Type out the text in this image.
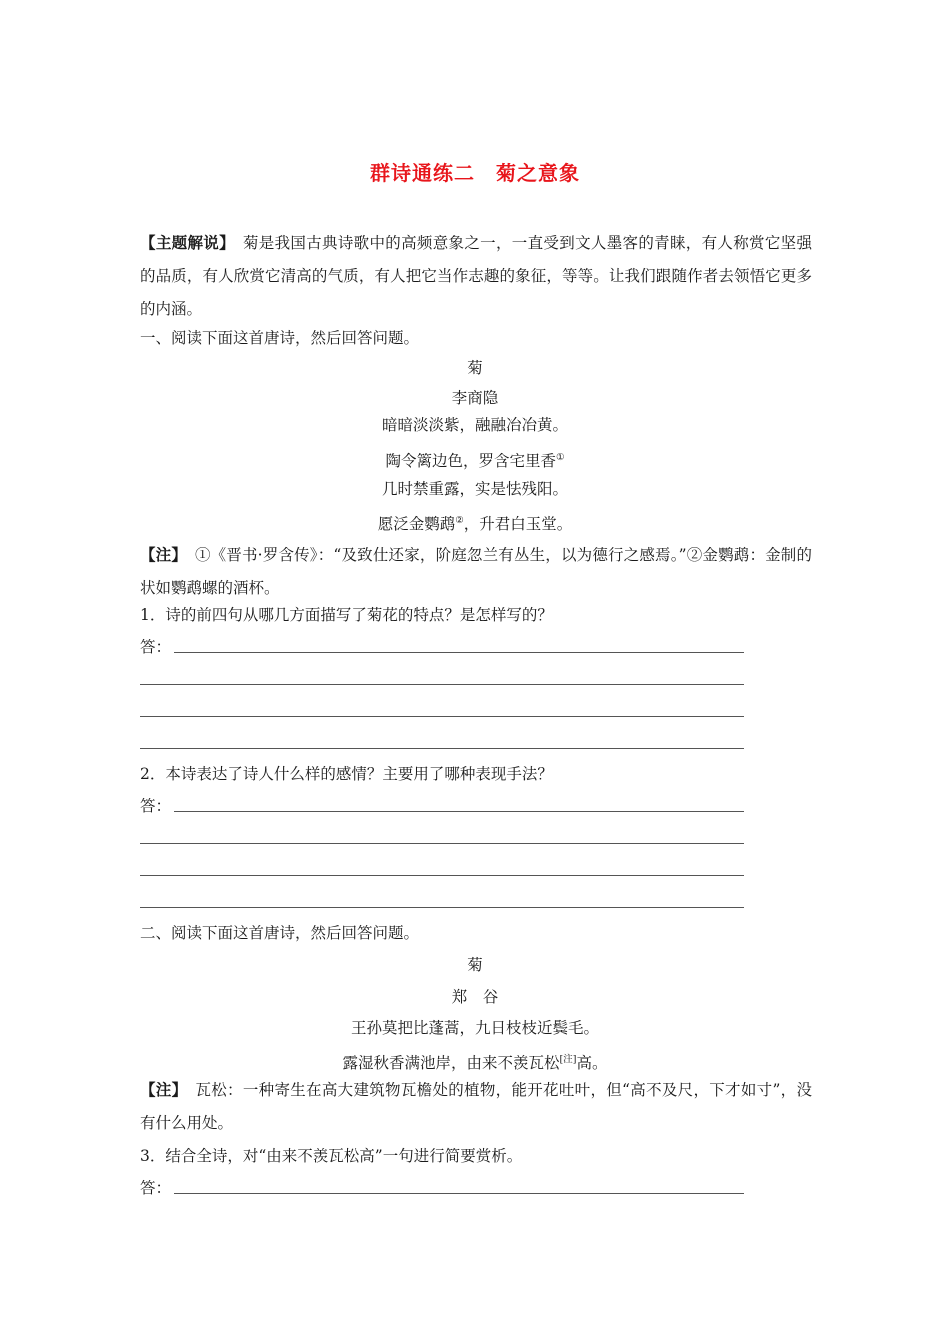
群诗通练二　菊之意象
【主题解说】　菊是我国古典诗歌中的高频意象之一，一直受到文人墨客的青睐，有人称赏它坚强的品质，有人欣赏它清高的气质，有人把它当作志趣的象征，等等。让我们跟随作者去领悟它更多的内涵。
一、阅读下面这首唐诗，然后回答问题。
菊
李商隐
暗暗淡淡紫，融融冶冶黄。
陶令篱边色，罗含宅里香①
几时禁重露，实是怯残阳。
愿泛金鹦鹉②，升君白玉堂。
【注】　①《晋书·罗含传》：“及致仕还家，阶庭忽兰有丛生，以为德行之感焉。”②金鹦鹉：金制的状如鹦鹉螺的酒杯。
1．诗的前四句从哪几方面描写了菊花的特点？是怎样写的？
答：
2．本诗表达了诗人什么样的感情？主要用了哪种表现手法？
答：
二、阅读下面这首唐诗，然后回答问题。
菊
郑　谷
王孙莫把比蓬蒿，九日枝枝近鬓毛。
露湿秋香满池岸，由来不羡瓦松[注]高。
【注】　瓦松：一种寄生在高大建筑物瓦檐处的植物，能开花吐叶，但“高不及尺，下才如寸”，没有什么用处。
3．结合全诗，对“由来不羡瓦松高”一句进行简要赏析。
答：
